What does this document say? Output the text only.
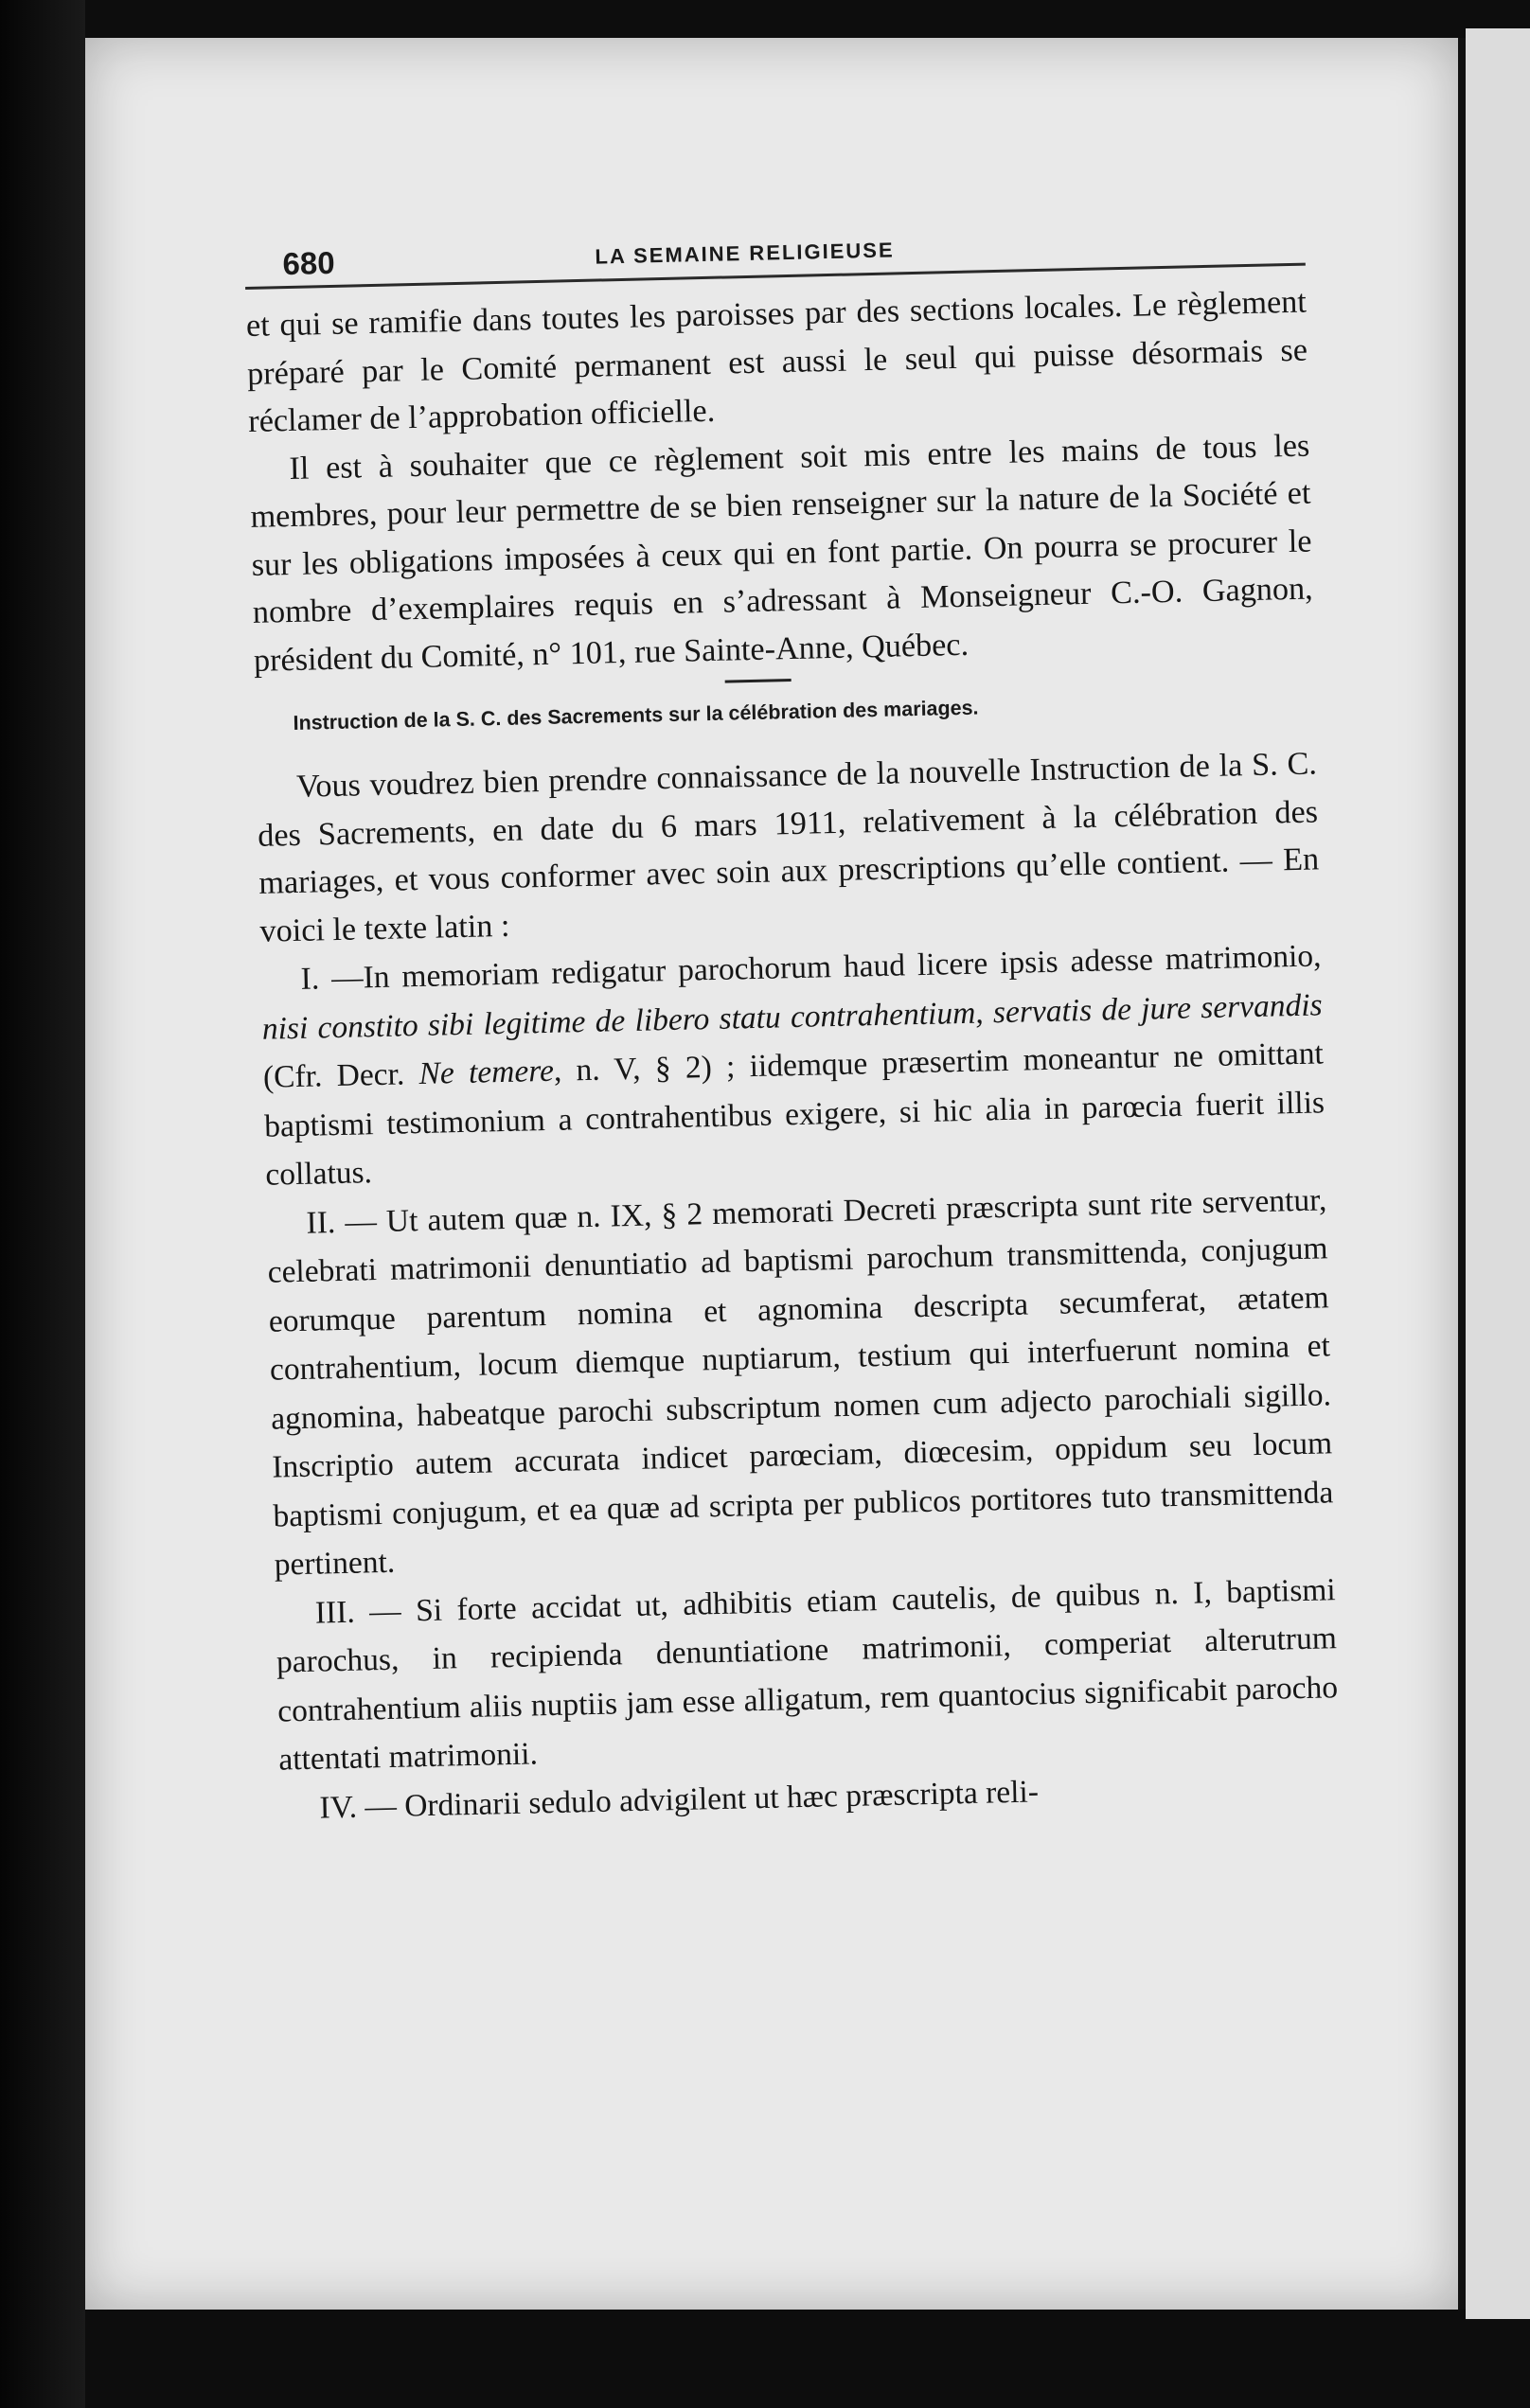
680	LA SEMAINE RELIGIEUSE

et qui se ramifie dans toutes les paroisses par des sections locales. Le règlement préparé par le Comité permanent est aussi le seul qui puisse désormais se réclamer de l’approbation officielle.

Il est à souhaiter que ce règlement soit mis entre les mains de tous les membres, pour leur permettre de se bien renseigner sur la nature de la Société et sur les obligations imposées à ceux qui en font partie. On pourra se procurer le nombre d’exemplaires requis en s’adressant à Monseigneur C.-O. Gagnon, président du Comité, n° 101, rue Sainte-Anne, Québec.

Instruction de la S. C. des Sacrements sur la célébration des mariages.

Vous voudrez bien prendre connaissance de la nouvelle Instruction de la S. C. des Sacrements, en date du 6 mars 1911, relativement à la célébration des mariages, et vous conformer avec soin aux prescriptions qu’elle contient. — En voici le texte latin :

I. —In memoriam redigatur parochorum haud licere ipsis adesse matrimonio, nisi constito sibi legitime de libero statu contrahentium, servatis de jure servandis (Cfr. Decr. Ne temere, n. V, § 2) ; iidemque præsertim moneantur ne omittant baptismi testimonium a contrahentibus exigere, si hic alia in parœcia fuerit illis collatus.

II. — Ut autem quæ n. IX, § 2 memorati Decreti præscripta sunt rite serventur, celebrati matrimonii denuntiatio ad baptismi parochum transmittenda, conjugum eorumque parentum nomina et agnomina descripta secumferat, ætatem contrahentium, locum diemque nuptiarum, testium qui interfuerunt nomina et agnomina, habeatque parochi subscriptum nomen cum adjecto parochiali sigillo. Inscriptio autem accurata indicet parœciam, diœcesim, oppidum seu locum baptismi conjugum, et ea quæ ad scripta per publicos portitores tuto transmittenda pertinent.

III. — Si forte accidat ut, adhibitis etiam cautelis, de quibus n. I, baptismi parochus, in recipienda denuntiatione matrimonii, comperiat alterutrum contrahentium aliis nuptiis jam esse alligatum, rem quantocius significabit parocho attentati matrimonii.

IV. — Ordinarii sedulo advigilent ut hæc præscripta reli-
